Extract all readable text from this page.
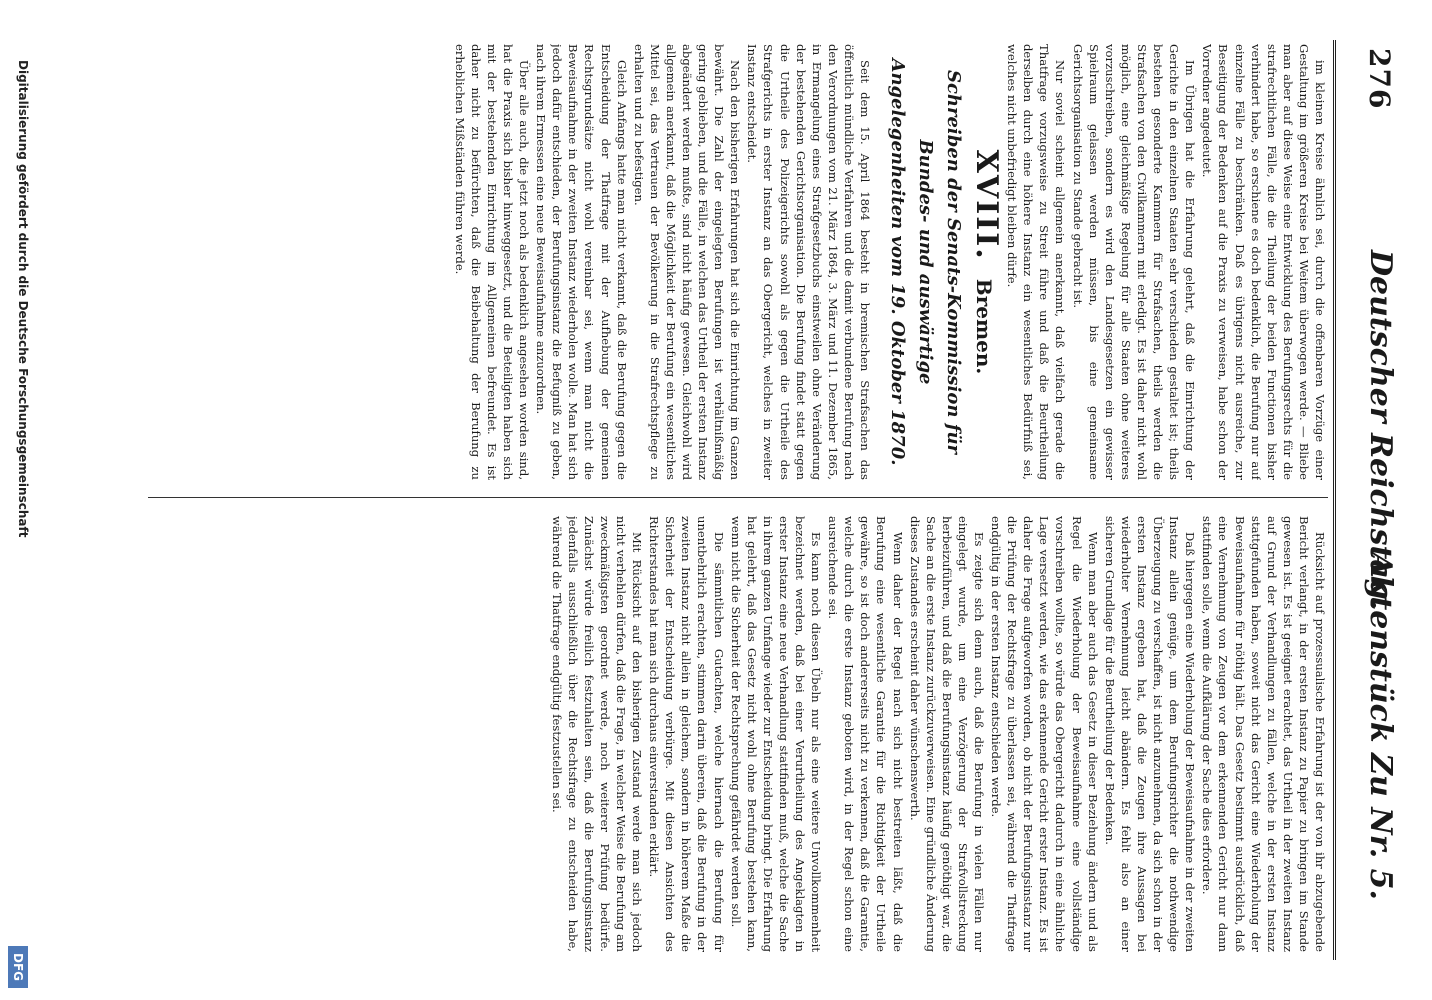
276
Deutscher Reichstag.
Aktenstück Zu Nr. 5.

im kleinen Kreise ähnlich sei, durch die offenbaren Vorzüge einer Gestaltung im größeren Kreise bei Weitem überwogen werde. — Bliebe man aber auf diese Weise eine Entwicklung des Berufungsrechts für die strafrechtlichen Fälle, die die Theilung der beiden Functionen bisher verhindert habe, so erschiene es doch bedenklich, die Berufung nur auf einzelne Fälle zu beschränken. Daß es übrigens nicht ausreiche, zur Beseitigung der Bedenken auf die Praxis zu verweisen, habe schon der Vorredner angedeutet.

Im Übrigen hat die Erfahrung gelehrt, daß die Einrichtung der Gerichte in den einzelnen Staaten sehr verschieden gestaltet ist; theils bestehen gesonderte Kammern für Strafsachen, theils werden die Strafsachen von den Civilkammern mit erledigt. Es ist daher nicht wohl möglich, eine gleichmäßige Regelung für alle Staaten ohne weiteres vorzuschreiben, sondern es wird den Landesgesetzen ein gewisser Spielraum gelassen werden müssen, bis eine gemeinsame Gerichtsorganisation zu Stande gebracht ist.

Nur soviel scheint allgemein anerkannt, daß vielfach gerade die Thatfrage vorzugsweise zu Streit führe und daß die Beurtheilung derselben durch eine höhere Instanz ein wesentliches Bedürfniß sei, welches nicht unbefriedigt bleiben dürfe.

XVIII. Bremen.
Schreiben der Senats-Kommission für Bundes- und auswärtige Angelegenheiten vom 19. Oktober 1870.

Seit dem 15. April 1864 besteht in bremischen Strafsachen das öffentlich mündliche Verfahren und die damit verbundene Berufung nach den Verordnungen vom 21. März 1864, 3. März und 11. Dezember 1865, in Ermangelung eines Strafgesetzbuchs einstweilen ohne Veränderung der bestehenden Gerichtsorganisation. Die Berufung findet statt gegen die Urtheile des Polizeigerichts sowohl als gegen die Urtheile des Strafgerichts in erster Instanz an das Obergericht, welches in zweiter Instanz entscheidet.

Nach den bisherigen Erfahrungen hat sich die Einrichtung im Ganzen bewährt. Die Zahl der eingelegten Berufungen ist verhältnißmäßig gering geblieben, und die Fälle, in welchen das Urtheil der ersten Instanz abgeändert werden mußte, sind nicht häufig gewesen. Gleichwohl wird allgemein anerkannt, daß die Möglichkeit der Berufung ein wesentliches Mittel sei, das Vertrauen der Bevölkerung in die Strafrechtspflege zu erhalten und zu befestigen.

Gleich Anfangs hatte man nicht verkannt, daß die Berufung gegen die Entscheidung der Thatfrage mit der Aufhebung der gemeinen Rechtsgrundsätze nicht wohl vereinbar sei, wenn man nicht die Beweisaufnahme in der zweiten Instanz wiederholen wolle. Man hat sich jedoch dafür entschieden, der Berufungsinstanz die Befugniß zu geben, nach ihrem Ermessen eine neue Beweisaufnahme anzuordnen.

Über alle auch, die jetzt noch als bedenklich angesehen worden sind, hat die Praxis sich bisher hinweggesetzt, und die Beteiligten haben sich mit der bestehenden Einrichtung im Allgemeinen befreundet. Es ist daher nicht zu befürchten, daß die Beibehaltung der Berufung zu erheblichen Mißständen führen werde.

Rücksicht auf prozessualische Erfahrung ist der von ihr abzugebende Bericht verlangt, in der ersten Instanz zu Papier zu bringen im Stande gewesen ist. Es ist geeignet erachtet, das Urtheil in der zweiten Instanz auf Grund der Verhandlungen zu fällen, welche in der ersten Instanz stattgefunden haben, soweit nicht das Gericht eine Wiederholung der Beweisaufnahme für nöthig hält. Das Gesetz bestimmt ausdrücklich, daß eine Vernehmung von Zeugen vor dem erkennenden Gericht nur dann stattfinden solle, wenn die Aufklärung der Sache dies erfordere.

Daß hiergegen eine Wiederholung der Beweisaufnahme in der zweiten Instanz allein genüge, um dem Berufungsrichter die nothwendige Überzeugung zu verschaffen, ist nicht anzunehmen, da sich schon in der ersten Instanz ergeben hat, daß die Zeugen ihre Aussagen bei wiederholter Vernehmung leicht abändern. Es fehlt also an einer sicheren Grundlage für die Beurtheilung der Bedenken.

Wenn man aber auch das Gesetz in dieser Beziehung ändern und als Regel die Wiederholung der Beweisaufnahme eine vollständige vorschreiben wollte, so würde das Obergericht dadurch in eine ähnliche Lage versetzt werden, wie das erkennende Gericht erster Instanz. Es ist daher die Frage aufgeworfen worden, ob nicht der Berufungsinstanz nur die Prüfung der Rechtsfrage zu überlassen sei, während die Thatfrage endgültig in der ersten Instanz entschieden werde.

Es zeigte sich denn auch, daß die Berufung in vielen Fällen nur eingelegt wurde, um eine Verzögerung der Strafvollstreckung herbeizuführen, und daß die Berufungsinstanz häufig genöthigt war, die Sache an die erste Instanz zurückzuverweisen. Eine gründliche Änderung dieses Zustandes erscheint daher wünschenswerth.

Wenn daher der Regel nach sich nicht bestreiten läßt, daß die Berufung eine wesentliche Garantie für die Richtigkeit der Urtheile gewähre, so ist doch andererseits nicht zu verkennen, daß die Garantie, welche durch die erste Instanz geboten wird, in der Regel schon eine ausreichende sei.

Es kann noch diesen Übeln nur als eine weitere Unvollkommenheit bezeichnet werden, daß bei einer Verurtheilung des Angeklagten in erster Instanz eine neue Verhandlung stattfinden muß, welche die Sache in ihrem ganzen Umfange wieder zur Entscheidung bringt. Die Erfahrung hat gelehrt, daß das Gesetz nicht wohl ohne Berufung bestehen kann, wenn nicht die Sicherheit der Rechtsprechung gefährdet werden soll.

Die sämmtlichen Gutachten, welche hiernach die Berufung für unentbehrlich erachten, stimmen darin überein, daß die Berufung in der zweiten Instanz nicht allein in gleichem, sondern in höherem Maße die Sicherheit der Entscheidung verbürge. Mit diesen Ansichten des Richterstandes hat man sich durchaus einverstanden erklärt.

Mit Rücksicht auf den bisherigen Zustand werde man sich jedoch nicht verhehlen dürfen, daß die Frage, in welcher Weise die Berufung am zweckmäßigsten geordnet werde, noch weiterer Prüfung bedürfe. Zunächst würde freilich festzuhalten sein, daß die Berufungsinstanz jedenfalls ausschließlich über die Rechtsfrage zu entscheiden habe, während die Thatfrage endgültig festzustellen sei.

Digitalisierung gefördert durch die Deutsche Forschungsgemeinschaft
DFG
